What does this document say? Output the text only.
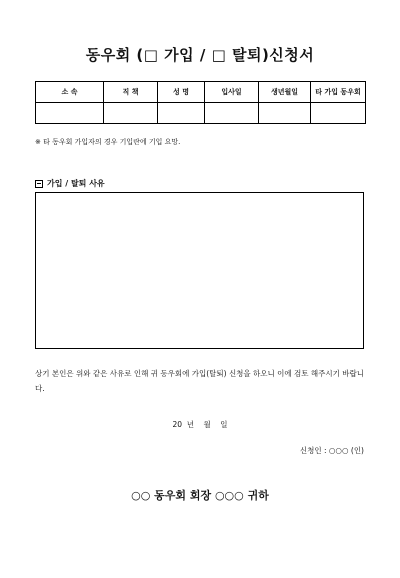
동우회 (□ 가입 / □ 탈퇴)신청서
소 속	직 책	성 명	입사일	생년월일	타 가입 동우회

※ 타 동우회 가입자의 경우 기입란에 기입 요망.
가입 / 탈퇴 사유
상기 본인은 위와 같은 사유로 인해 귀 동우회에 가입(탈퇴) 신청을 하오니 이에 검토 해주시기 바랍니다.
20  년    월    일
신청인 : ○○○ (인)
○○ 동우회 회장 ○○○ 귀하
